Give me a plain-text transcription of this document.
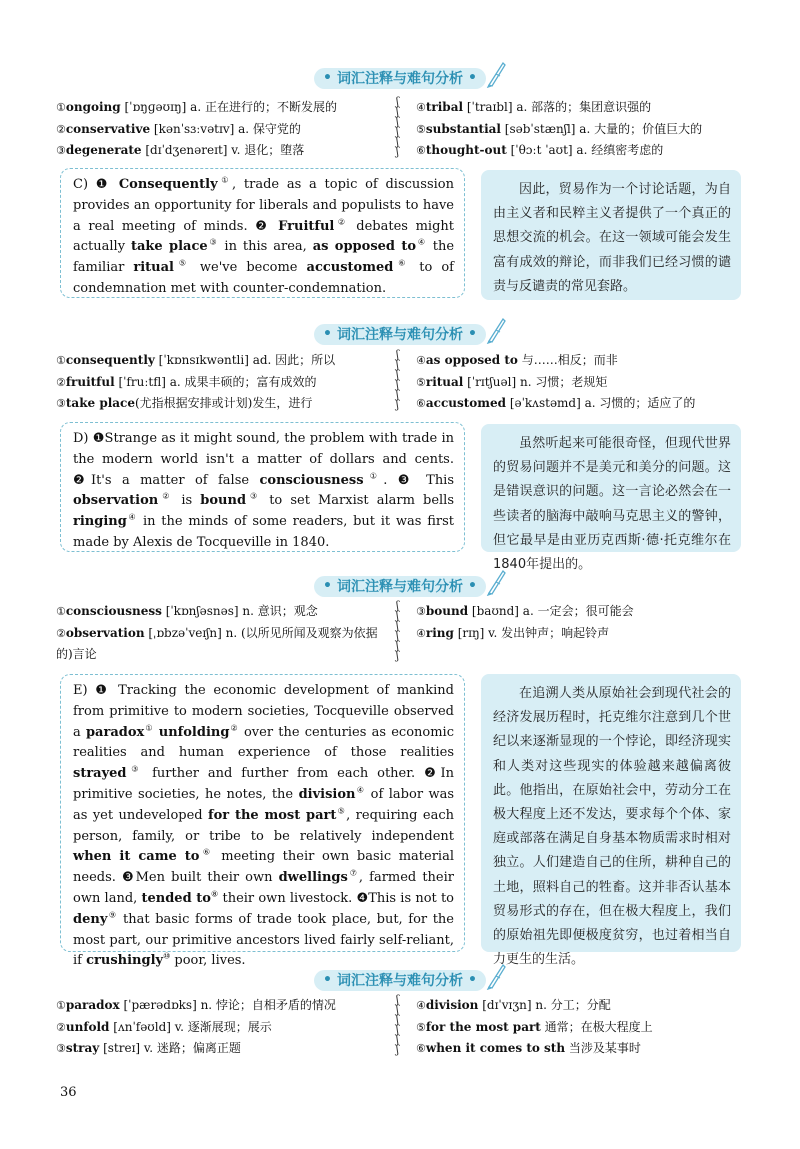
①ongoing [ˈɒŋɡəʊɪŋ] a. 正在进行的；不断发展的
②conservative [kənˈsɜːvətɪv] a. 保守党的
③degenerate [dɪˈdʒenəreɪt] v. 退化；堕落
ʃ
ʃ
ʃ
ʃ
ʃ
ʃ
④tribal [ˈtraɪbl] a. 部落的；集团意识强的
⑤substantial [səbˈstænʃl] a. 大量的；价值巨大的
⑥thought-out [ˈθɔːt ˈaʊt] a. 经缜密考虑的
• 词汇注释与难句分析 •
C) ❶ Consequently①, trade as a topic of discussion provides an opportunity for liberals and populists to have a real meeting of minds. ❷ Fruitful② debates might actually take place③ in this area, as opposed to④ the familiar ritual⑤ we've become accustomed⑥ to of condemnation met with counter-condemnation.
因此，贸易作为一个讨论话题，为自由主义者和民粹主义者提供了一个真正的思想交流的机会。在这一领域可能会发生富有成效的辩论，而非我们已经习惯的谴责与反谴责的常见套路。
• 词汇注释与难句分析 •
①consequently [ˈkɒnsɪkwəntli] ad. 因此；所以
②fruitful [ˈfruːtfl] a. 成果丰硕的；富有成效的
③take place(尤指根据安排或计划)发生，进行
ʃ
ʃ
ʃ
ʃ
ʃ
ʃ
④as opposed to 与……相反；而非
⑤ritual [ˈrɪtʃuəl] n. 习惯；老规矩
⑥accustomed [əˈkʌstəmd] a. 习惯的；适应了的
D) ❶Strange as it might sound, the problem with trade in the modern world isn't a matter of dollars and cents. ❷It's a matter of false consciousness①. ❸ This observation② is bound③ to set Marxist alarm bells ringing④ in the minds of some readers, but it was first made by Alexis de Tocqueville in 1840.
虽然听起来可能很奇怪，但现代世界的贸易问题并不是美元和美分的问题。这是错误意识的问题。这一言论必然会在一些读者的脑海中敲响马克思主义的警钟，但它最早是由亚历克西斯·德·托克维尔在1840年提出的。
• 词汇注释与难句分析 •
①consciousness [ˈkɒnʃəsnəs] n. 意识；观念
②observation [ˌɒbzəˈveɪʃn] n. (以所见所闻及观察为依据的)言论
ʃ
ʃ
ʃ
ʃ
ʃ
ʃ
③bound [baʊnd] a. 一定会；很可能会
④ring [rɪŋ] v. 发出钟声；响起铃声
E) ❶ Tracking the economic development of mankind from primitive to modern societies, Tocqueville observed a paradox① unfolding② over the centuries as economic realities and human experience of those realities strayed③ further and further from each other. ❷In primitive societies, he notes, the division④ of labor was as yet undeveloped for the most part⑤, requiring each person, family, or tribe to be relatively independent when it came to⑥ meeting their own basic material needs. ❸Men built their own dwellings⑦, farmed their own land, tended to⑧ their own livestock. ❹This is not to deny⑨ that basic forms of trade took place, but, for the most part, our primitive ancestors lived fairly self-reliant, if crushingly⑩ poor, lives.
在追溯人类从原始社会到现代社会的经济发展历程时，托克维尔注意到几个世纪以来逐渐显现的一个悖论，即经济现实和人类对这些现实的体验越来越偏离彼此。他指出，在原始社会中，劳动分工在极大程度上还不发达，要求每个个体、家庭或部落在满足自身基本物质需求时相对独立。人们建造自己的住所，耕种自己的土地，照料自己的牲畜。这并非否认基本贸易形式的存在，但在极大程度上，我们的原始祖先即便极度贫穷，也过着相当自力更生的生活。
• 词汇注释与难句分析 •
①paradox [ˈpærədɒks] n. 悖论；自相矛盾的情况
②unfold [ʌnˈfəʊld] v. 逐渐展现；展示
③stray [streɪ] v. 迷路；偏离正题
ʃ
ʃ
ʃ
ʃ
ʃ
ʃ
④division [dɪˈvɪʒn] n. 分工；分配
⑤for the most part 通常；在极大程度上
⑥when it comes to sth 当涉及某事时
36
